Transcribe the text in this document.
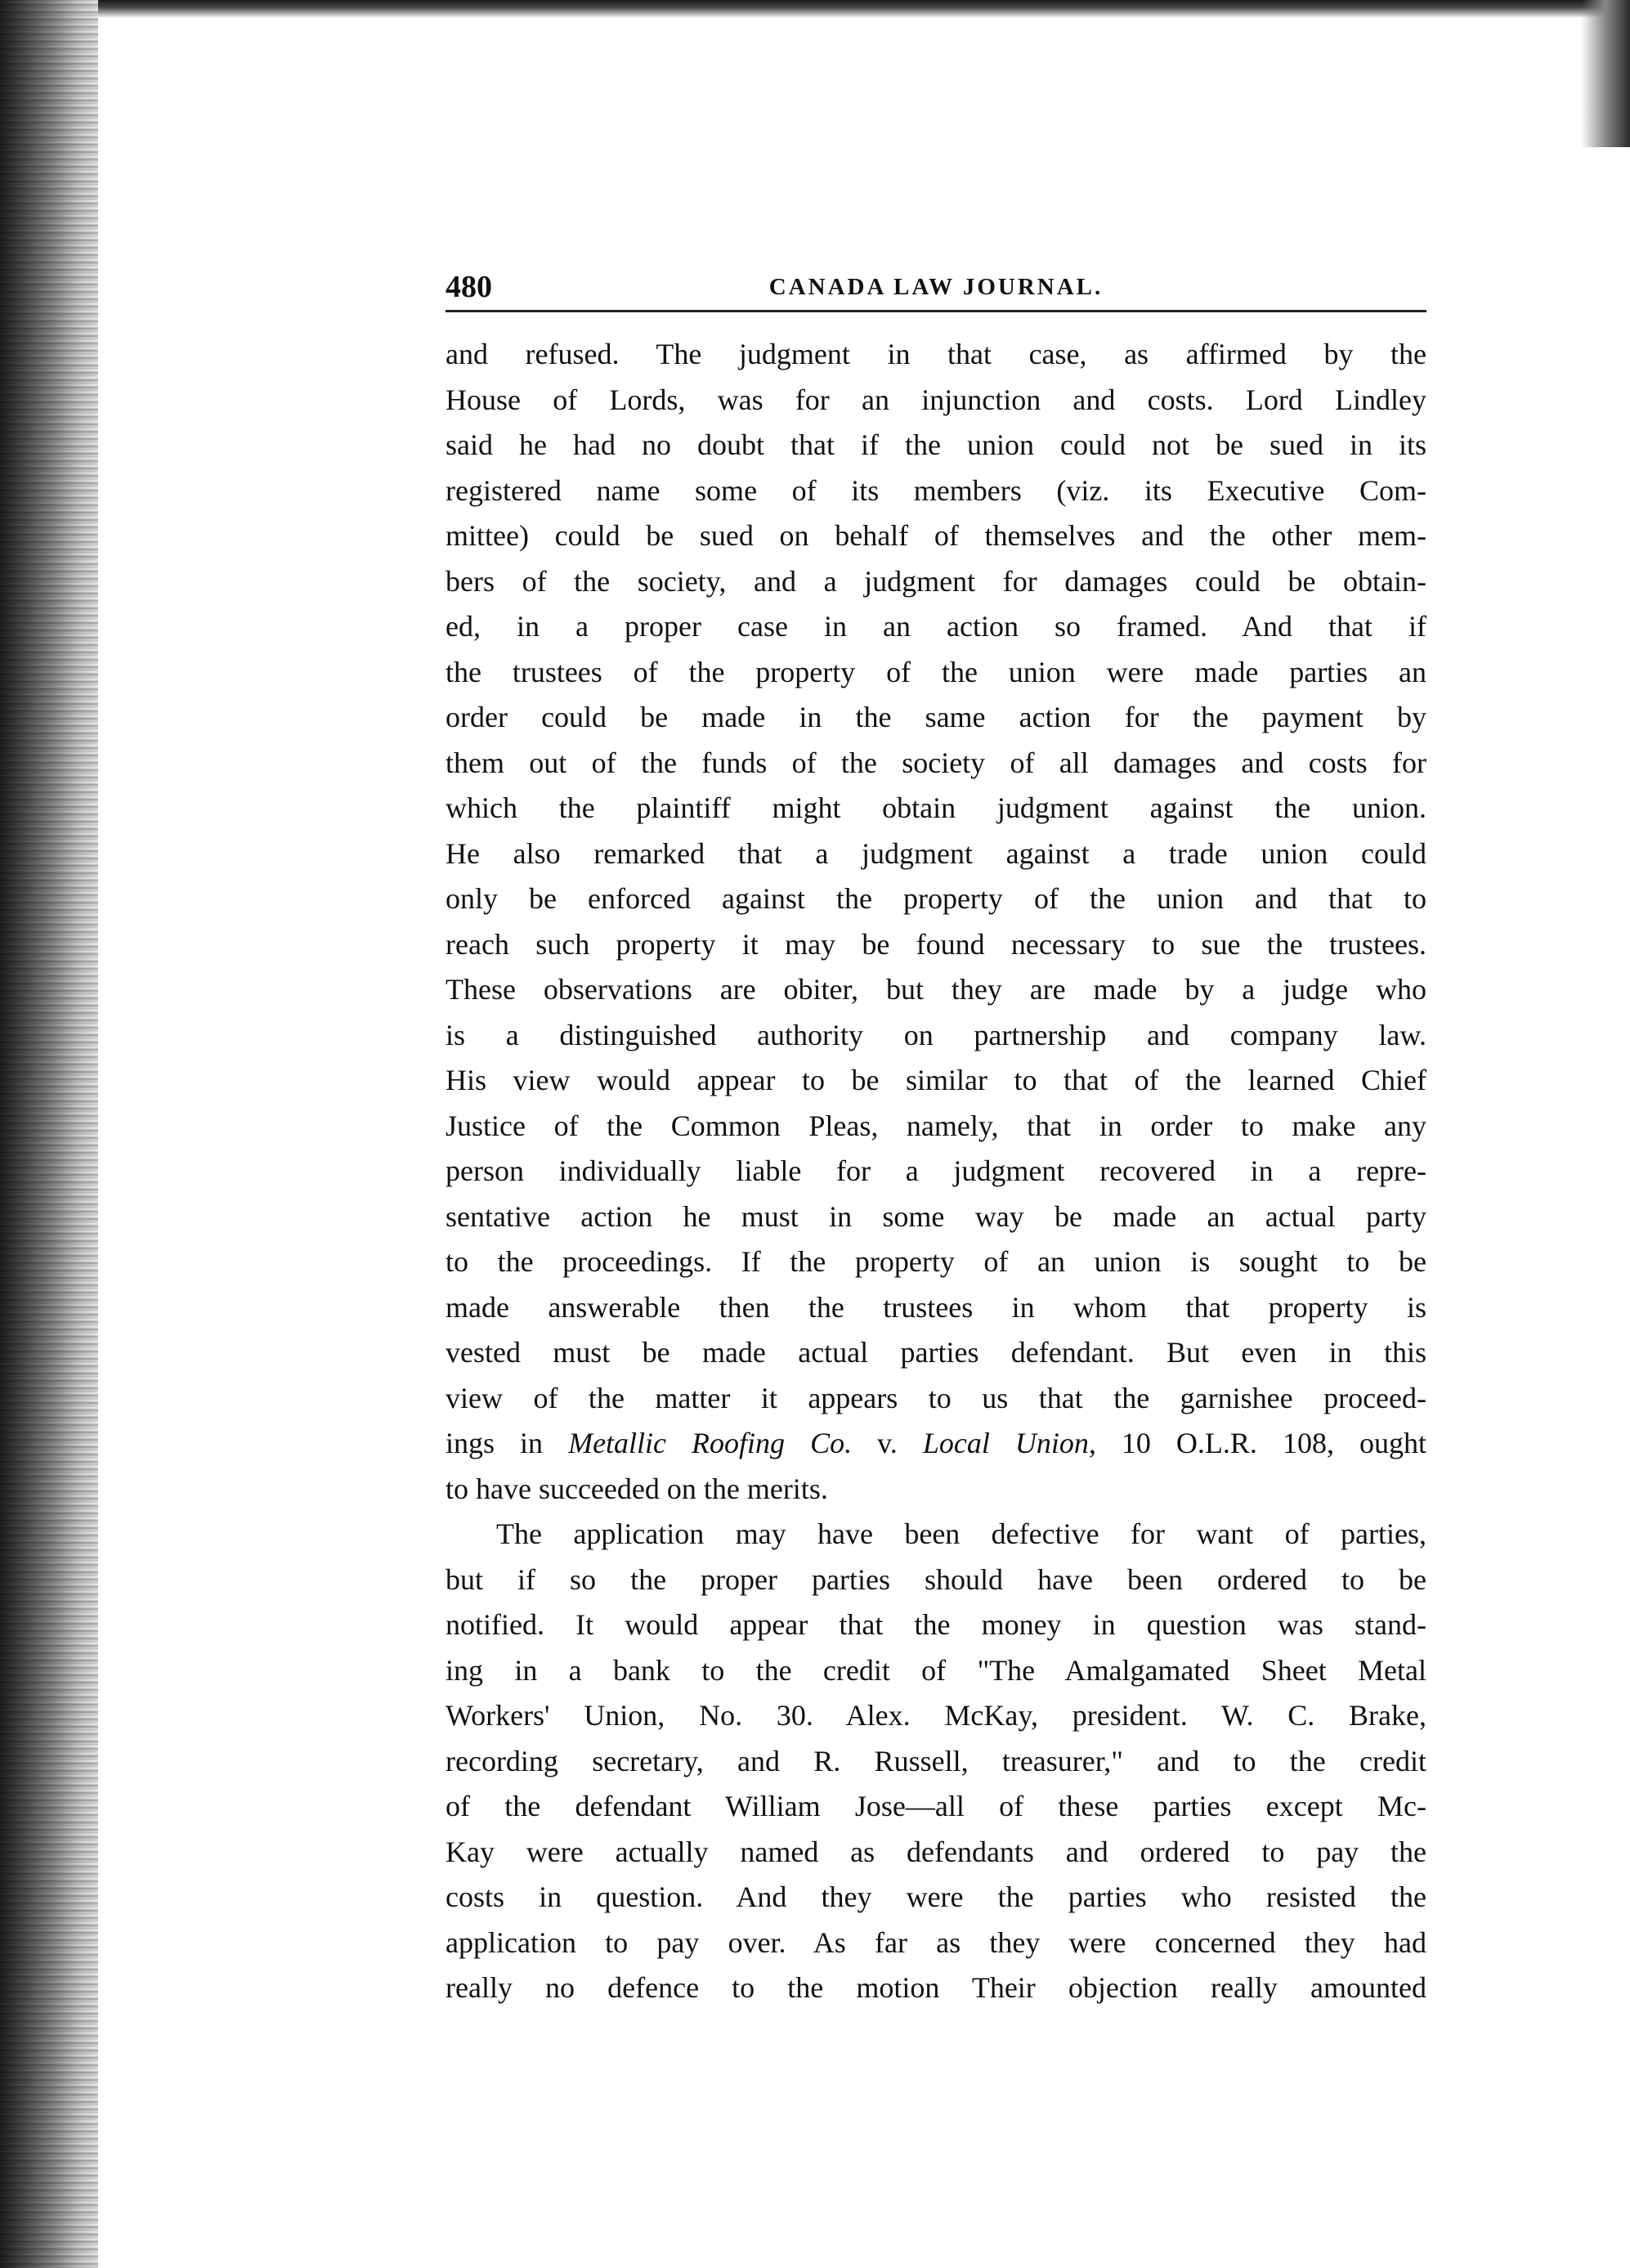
480	CANADA LAW JOURNAL.
and refused. The judgment in that case, as affirmed by the
House of Lords, was for an injunction and costs. Lord Lindley
said he had no doubt that if the union could not be sued in its
registered name some of its members (viz. its Executive Com-
mittee) could be sued on behalf of themselves and the other mem-
bers of the society, and a judgment for damages could be obtain-
ed, in a proper case in an action so framed. And that if
the trustees of the property of the union were made parties an
order could be made in the same action for the payment by
them out of the funds of the society of all damages and costs for
which the plaintiff might obtain judgment against the union.
He also remarked that a judgment against a trade union could
only be enforced against the property of the union and that to
reach such property it may be found necessary to sue the trustees.
These observations are obiter, but they are made by a judge who
is a distinguished authority on partnership and company law.
His view would appear to be similar to that of the learned Chief
Justice of the Common Pleas, namely, that in order to make any
person individually liable for a judgment recovered in a repre-
sentative action he must in some way be made an actual party
to the proceedings. If the property of an union is sought to be
made answerable then the trustees in whom that property is
vested must be made actual parties defendant. But even in this
view of the matter it appears to us that the garnishee proceed-
ings in Metallic Roofing Co. v. Local Union, 10 O.L.R. 108, ought
to have succeeded on the merits.
The application may have been defective for want of parties,
but if so the proper parties should have been ordered to be
notified. It would appear that the money in question was stand-
ing in a bank to the credit of "The Amalgamated Sheet Metal
Workers' Union, No. 30. Alex. McKay, president. W. C. Brake,
recording secretary, and R. Russell, treasurer," and to the credit
of the defendant William Jose—all of these parties except Mc-
Kay were actually named as defendants and ordered to pay the
costs in question. And they were the parties who resisted the
application to pay over. As far as they were concerned they had
really no defence to the motion Their objection really amounted
